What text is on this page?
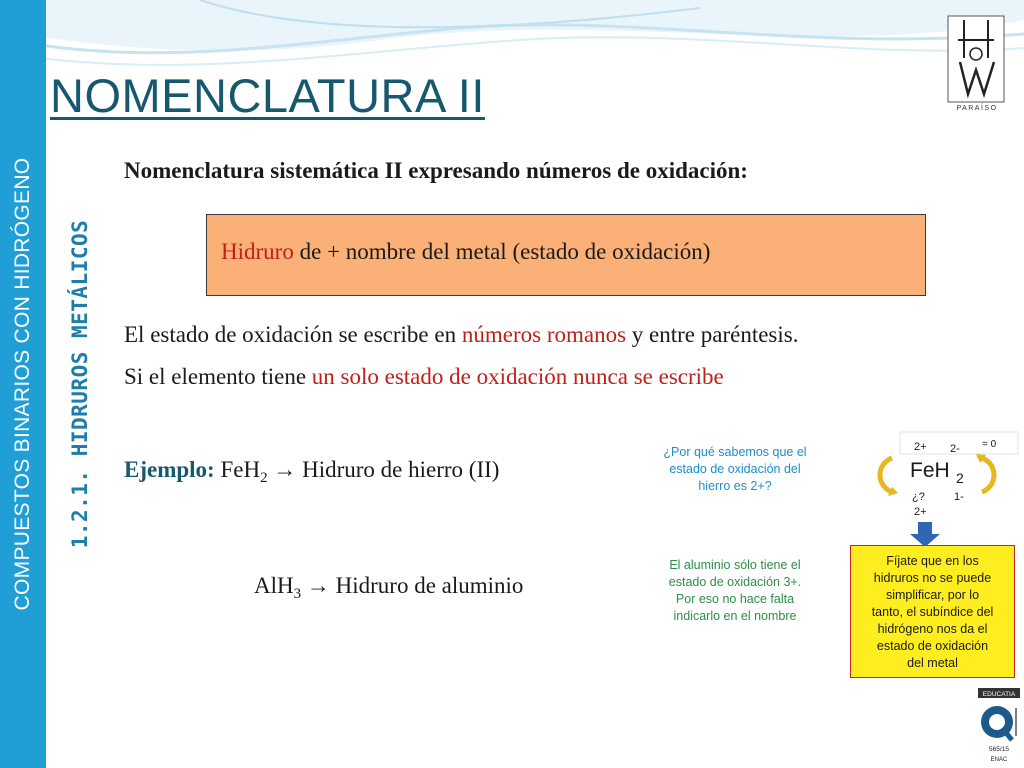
COMPUESTOS BINARIOS CON HIDRÓGENO 1.2.1. HIDRUROS METÁLICOS
NOMENCLATURA II	PARAÍSO
Nomenclatura sistemática II expresando números de oxidación:
Hidruro de + nombre del metal (estado de oxidación)
El estado de oxidación se escribe en números romanos y entre paréntesis.
Si el elemento tiene un solo estado de oxidación nunca se escribe
Ejemplo: FeH$_2$ → Hidruro de hierro (II)
AlH$_3$ → Hidruro de aluminio
¿Por qué sabemos que el
estado de oxidación del
hierro es 2+?
El aluminio sólo tiene el
estado de oxidación 3+.
Por eso no hace falta
indicarlo en el nombre
2+ 2- = 0
FeH 2
¿?	1-
2+
Fíjate que en los
hidruros no se puede
simplificar, por lo
tanto, el subíndice del
hidrógeno nos da el
estado de oxidación
del metal
EDUCATIA
565/15
ENAC
